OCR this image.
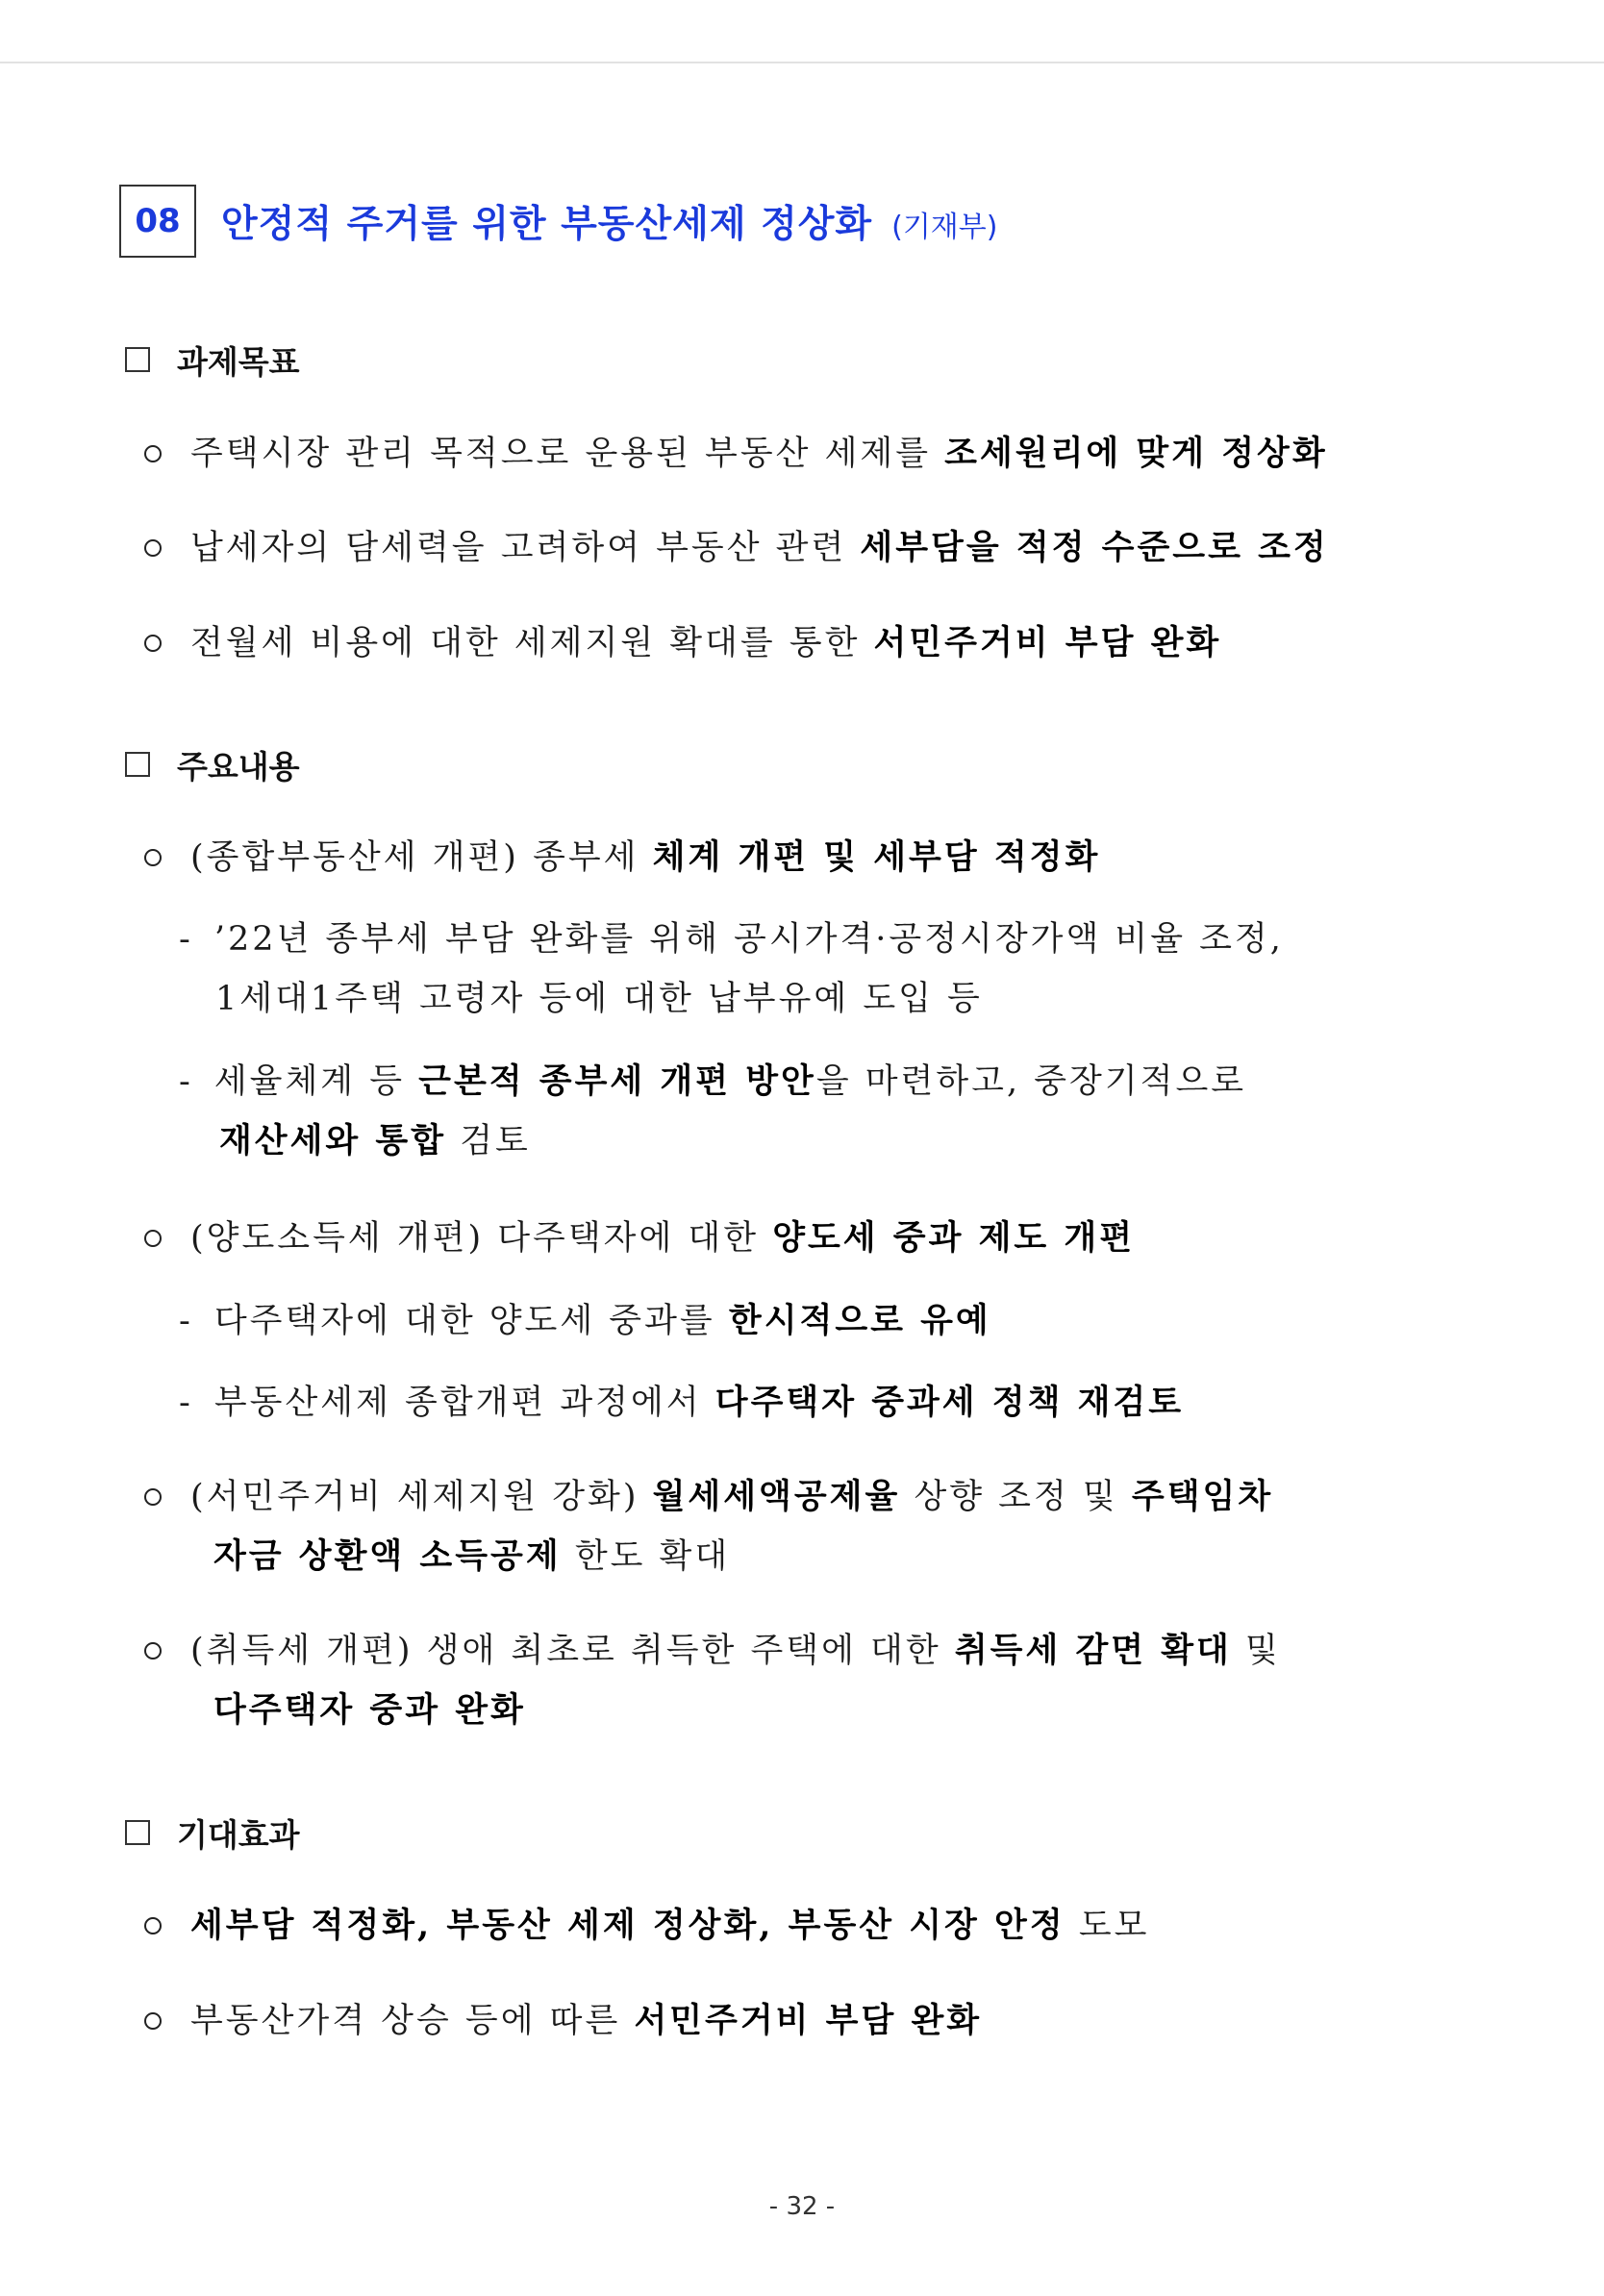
08	안정적 주거를 위한 부동산세제 정상화 (기재부)
과제목표
주택시장 관리 목적으로 운용된 부동산 세제를 조세원리에 맞게 정상화
납세자의 담세력을 고려하여 부동산 관련 세부담을 적정 수준으로 조정
전월세 비용에 대한 세제지원 확대를 통한 서민주거비 부담 완화
주요내용
(종합부동산세 개편) 종부세 체계 개편 및 세부담 적정화
- ’22년 종부세 부담 완화를 위해 공시가격·공정시장가액 비율 조정,
1세대1주택 고령자 등에 대한 납부유예 도입 등
- 세율체계 등 근본적 종부세 개편 방안을 마련하고, 중장기적으로
재산세와 통합 검토
(양도소득세 개편) 다주택자에 대한 양도세 중과 제도 개편
- 다주택자에 대한 양도세 중과를 한시적으로 유예
- 부동산세제 종합개편 과정에서 다주택자 중과세 정책 재검토
(서민주거비 세제지원 강화) 월세세액공제율 상향 조정 및 주택임차
자금 상환액 소득공제 한도 확대
(취득세 개편) 생애 최초로 취득한 주택에 대한 취득세 감면 확대 및
다주택자 중과 완화
기대효과
세부담 적정화, 부동산 세제 정상화, 부동산 시장 안정 도모
부동산가격 상승 등에 따른 서민주거비 부담 완화
- 32 -
